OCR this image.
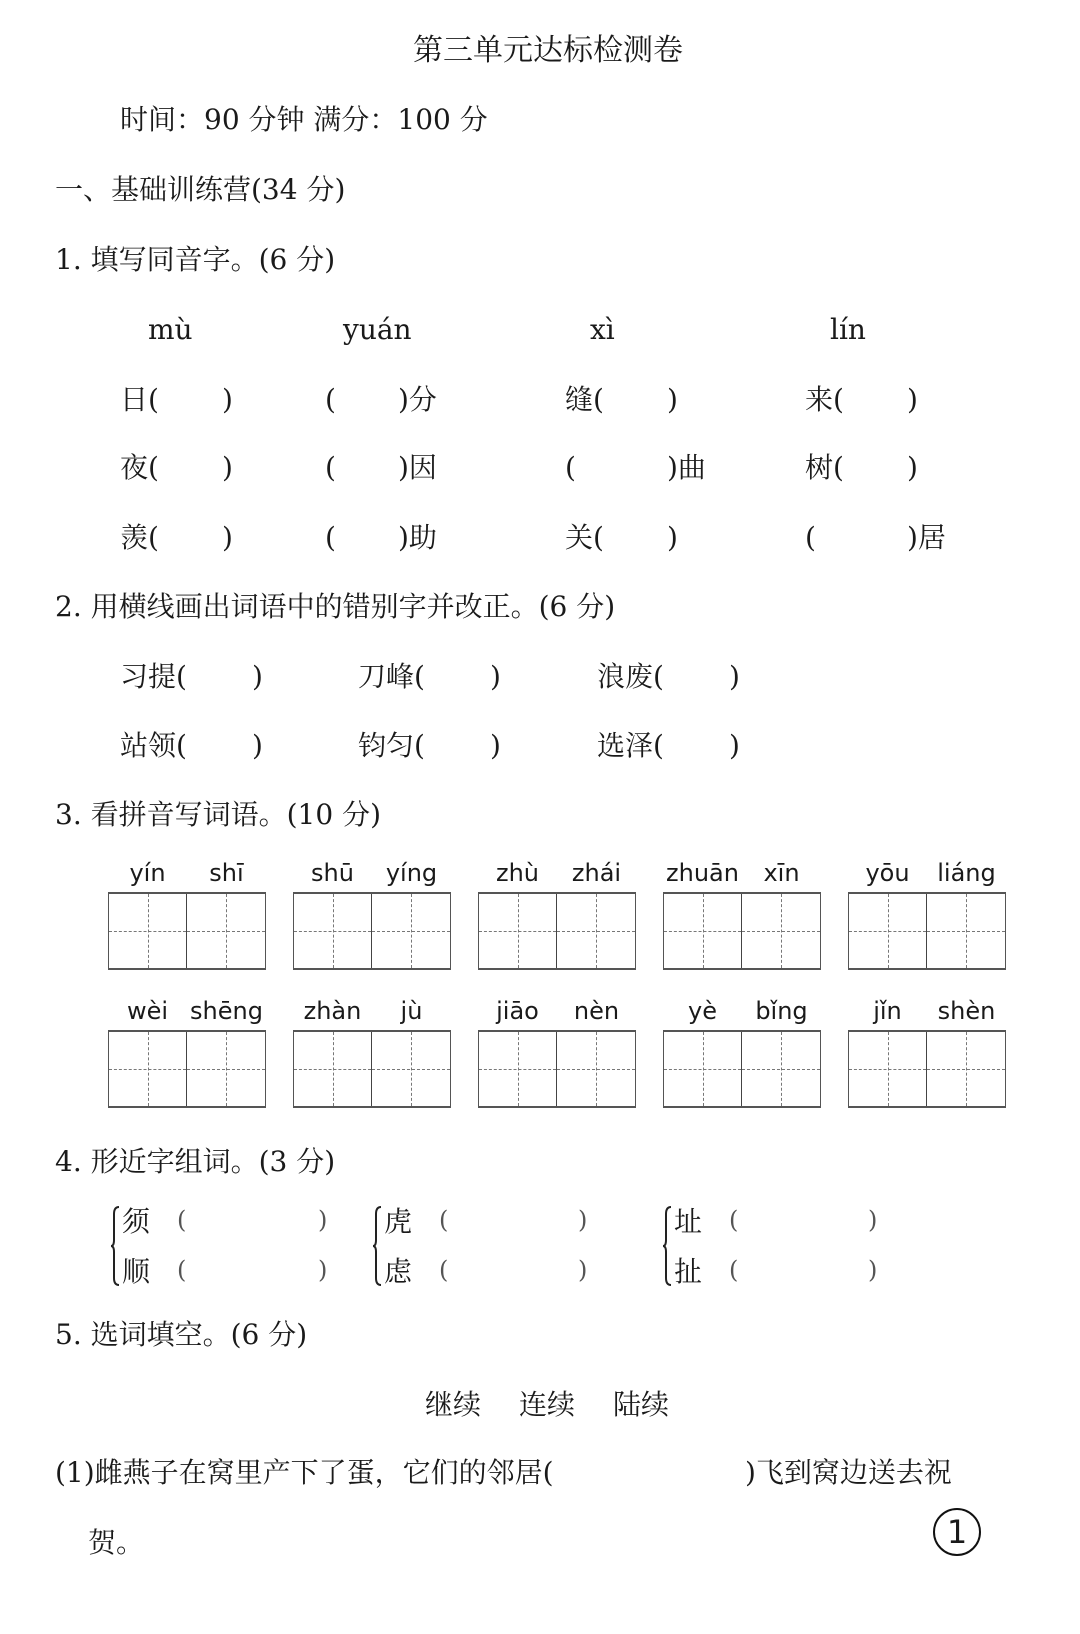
第三单元达标检测卷
时间：90 分钟 满分：100 分
一、基础训练营(34 分)
1. 填写同音字。(6 分)
mù	yuán	xì	lín
日( )	( )分	缝( )	来( )
夜( )	( )因	(	)曲	树( )
羡( )	( )助	关( )	(	)居
2. 用横线画出词语中的错别字并改正。(6 分)
习提( )	刀峰( )	浪废( )
站领( )	钧匀( )	选泽( )
3. 看拼音写词语。(10 分)
yín	shī	shū	yíng	zhù	zhái	zhuān	xīn	yōu	liáng
wèi shēng	zhàn	jù	jiāo	nèn	yè	bǐng	jǐn	shèn
4. 形近字组词。(3 分)
须 (	)
顺 (	)
虎 (	)
虑 (	)
址 (	)
扯 (	)
5. 选词填空。(6 分)
继续 连续 陆续
(1)雌燕子在窝里产下了蛋，它们的邻居(	)飞到窝边送去祝
贺。	1
